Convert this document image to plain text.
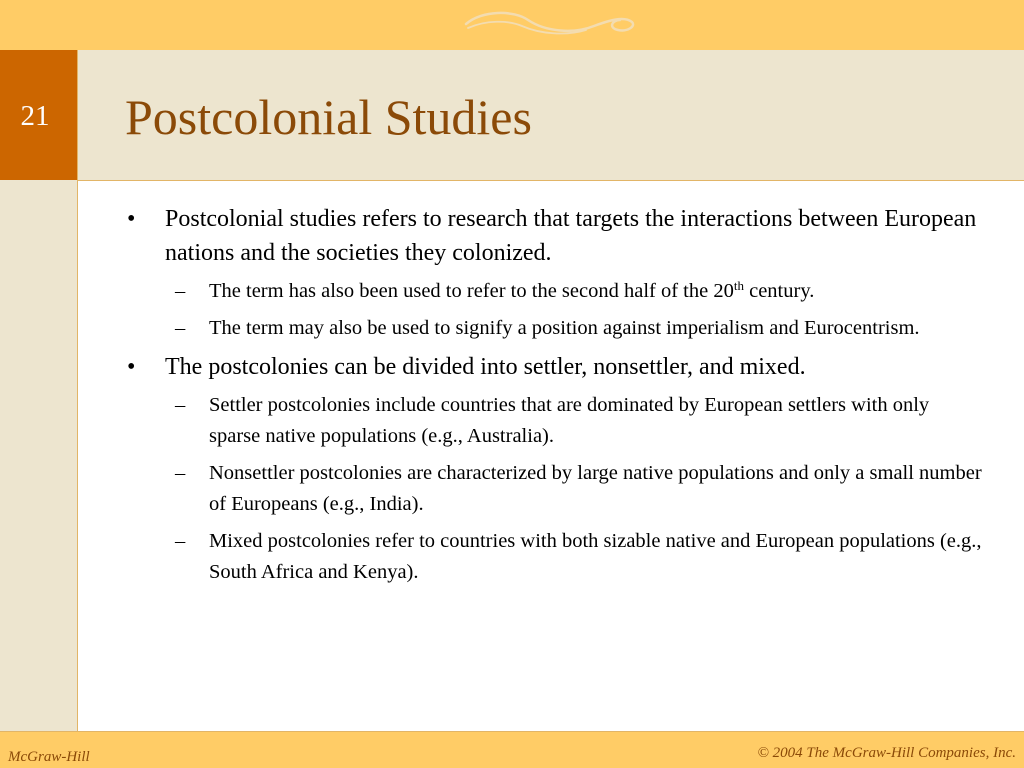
21	Postcolonial Studies
• Postcolonial studies refers to research that targets the interactions between European nations and the societies they colonized.
– The term has also been used to refer to the second half of the 20th century.
– The term may also be used to signify a position against imperialism and Eurocentrism.
• The postcolonies can be divided into settler, nonsettler, and mixed.
– Settler postcolonies include countries that are dominated by European settlers with only sparse native populations (e.g., Australia).
– Nonsettler postcolonies are characterized by large native populations and only a small number of Europeans (e.g., India).
– Mixed postcolonies refer to countries with both sizable native and European populations (e.g., South Africa and Kenya).
McGraw-Hill	© 2004 The McGraw-Hill Companies, Inc.
